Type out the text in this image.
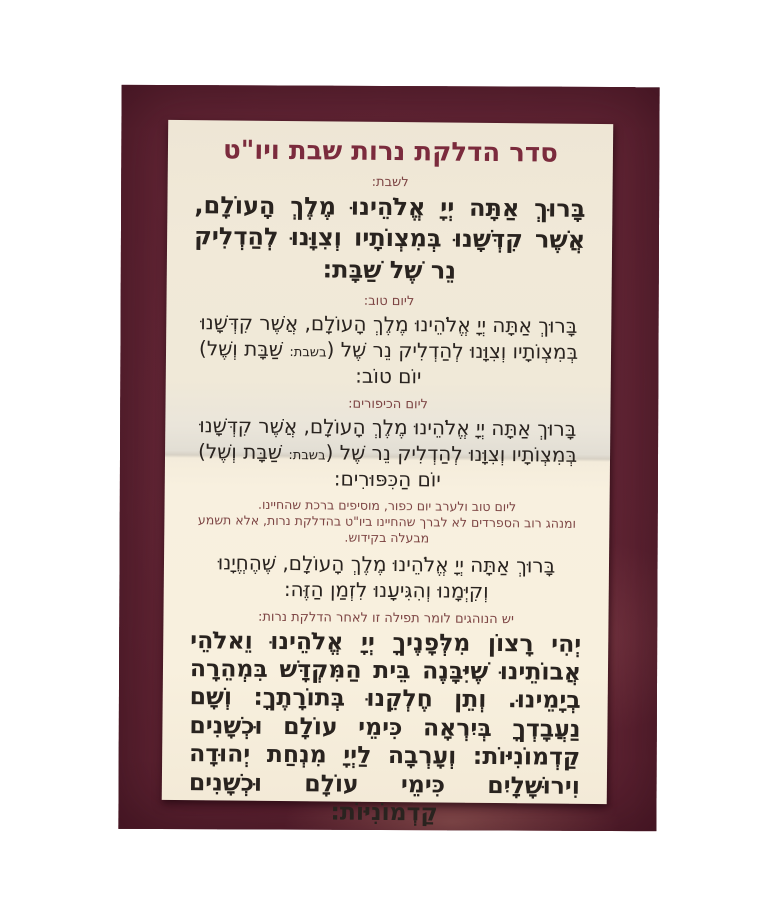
סדר הדלקת נרות שבת ויו"ט
לשבת:

בָּרוּךְ אַתָּה יְיָ אֱלֹהֵינוּ מֶלֶךְ הָעוֹלָם, אֲשֶׁר קִדְּשָׁנוּ בְּמִצְוֹתָיו וְצִוָּנוּ לְהַדְלִיק נֵר שֶׁל שַׁבָּת:

ליום טוב:

בָּרוּךְ אַתָּה יְיָ אֱלֹהֵינוּ מֶלֶךְ הָעוֹלָם, אֲשֶׁר קִדְּשָׁנוּ בְּמִצְוֹתָיו וְצִוָּנוּ לְהַדְלִיק נֵר שֶׁל (בשבת: שַׁבָּת וְשֶׁל) יוֹם טוֹב:

ליום הכיפורים:

בָּרוּךְ אַתָּה יְיָ אֱלֹהֵינוּ מֶלֶךְ הָעוֹלָם, אֲשֶׁר קִדְּשָׁנוּ בְּמִצְוֹתָיו וְצִוָּנוּ לְהַדְלִיק נֵר שֶׁל (בשבת: שַׁבָּת וְשֶׁל) יוֹם הַכִּפּוּרִים:

ליום טוב ולערב יום כפור, מוסיפים ברכת שהחיינו.
ומנהג רוב הספרדים לא לברך שהחיינו ביו"ט בהדלקת נרות, אלא תשמע מבעלה בקידוש.

בָּרוּךְ אַתָּה יְיָ אֱלֹהֵינוּ מֶלֶךְ הָעוֹלָם, שֶׁהֶחֱיָנוּ וְקִיְּמָנוּ וְהִגִּיעָנוּ לִזְמַן הַזֶּה:

יש הנוהגים לומר תפילה זו לאחר הדלקת נרות:

יְהִי רָצוֹן מִלְּפָנֶיךָ יְיָ אֱלֹהֵינוּ וֵאלֹהֵי אֲבוֹתֵינוּ שֶׁיִּבָּנֶה בֵּית הַמִּקְדָּשׁ בִּמְהֵרָה בְיָמֵינוּ. וְתֵן חֶלְקֵנוּ בְּתוֹרָתֶךָ: וְשָׁם נַעֲבָדְךָ בְּיִרְאָה כִּימֵי עוֹלָם וּכְשָׁנִים קַדְמוֹנִיּוֹת: וְעָרְבָה לַיְיָ מִנְחַת יְהוּדָה וִירוּשָׁלָיִם כִּימֵי עוֹלָם וּכְשָׁנִים קַדְמוֹנִיּוֹת:
